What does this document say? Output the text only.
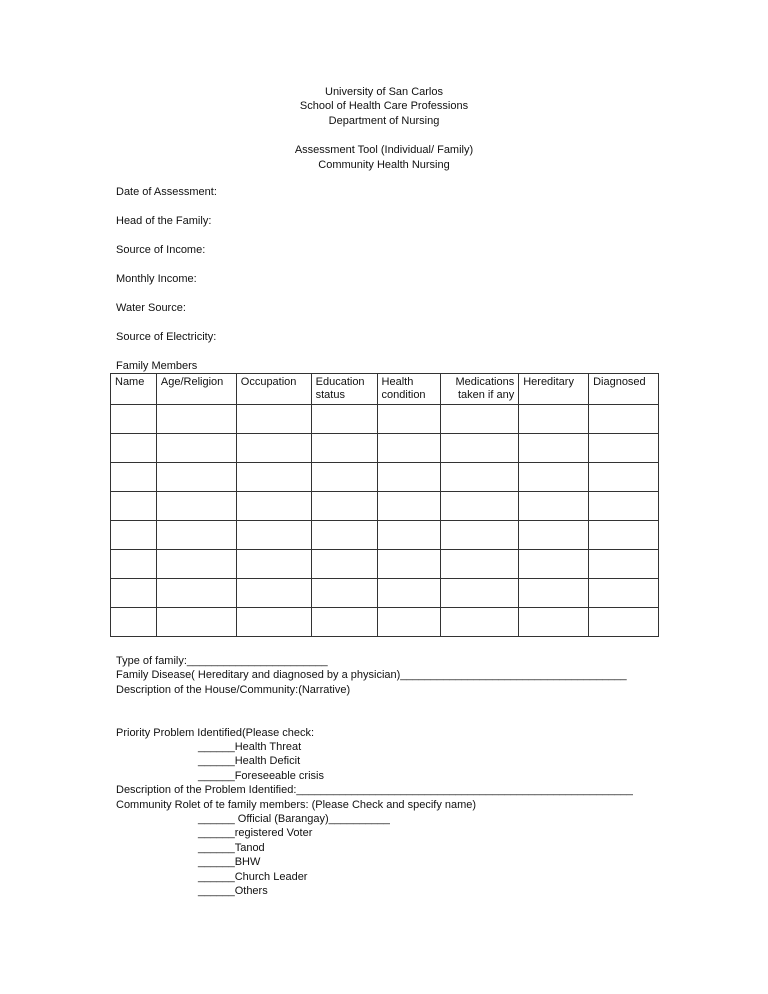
University of San Carlos
School of Health Care Professions
Department of Nursing
Assessment Tool (Individual/ Family)
Community Health Nursing
Date of Assessment:
Head of the Family:
Source of Income:
Monthly Income:
Water Source:
Source of Electricity:
Family Members
Name	Age/Religion	Occupation	Education status	Health condition	Medications taken if any	Hereditary	Diagnosed

Type of family:_______________________
Family Disease( Hereditary and diagnosed by a physician)_____________________________________
Description of the House/Community:(Narrative)
Priority Problem Identified(Please check:
______Health Threat
______Health Deficit
______Foreseeable crisis
Description of the Problem Identified:_______________________________________________________
Community Rolet of te family members: (Please Check and specify name)
______ Official (Barangay)__________
______registered Voter
______Tanod
______BHW
______Church Leader
______Others
